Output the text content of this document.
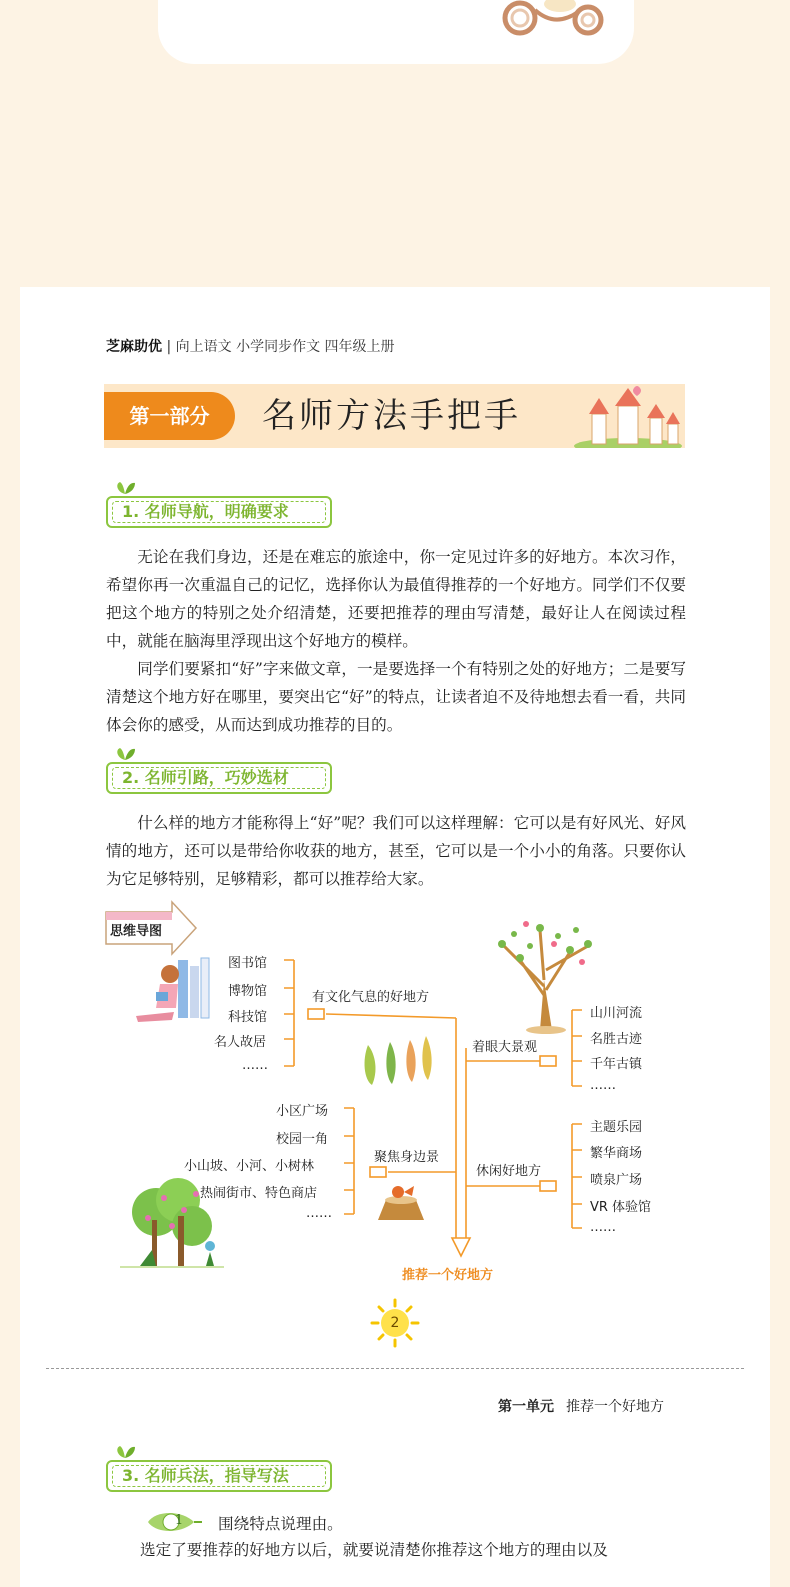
芝麻助优 | 向上语文 小学同步作文 四年级上册
第一部分	名师方法手把手
1. 名师导航，明确要求

无论在我们身边，还是在难忘的旅途中，你一定见过许多的好地方。本次习作，希望你再一次重温自己的记忆，选择你认为最值得推荐的一个好地方。同学们不仅要把这个地方的特别之处介绍清楚，还要把推荐的理由写清楚，最好让人在阅读过程中，就能在脑海里浮现出这个好地方的模样。

同学们要紧扣“好”字来做文章，一是要选择一个有特别之处的好地方；二是要写清楚这个地方好在哪里，要突出它“好”的特点，让读者迫不及待地想去看一看，共同体会你的感受，从而达到成功推荐的目的。

2. 名师引路，巧妙选材

什么样的地方才能称得上“好”呢？我们可以这样理解：它可以是有好风光、好风情的地方，还可以是带给你收获的地方，甚至，它可以是一个小小的角落。只要你认为它足够特别，足够精彩，都可以推荐给大家。

思维导图
图书馆
博物馆
科技馆
名人故居
……
有文化气息的好地方
着眼大景观
山川河流
名胜古迹
千年古镇
……
小区广场
校园一角
小山坡、小河、小树林
热闹街市、特色商店
……
聚焦身边景
休闲好地方
主题乐园
繁华商场
喷泉广场
VR 体验馆
……
推荐一个好地方
2
第一单元 推荐一个好地方
3. 名师兵法，指导写法
1	围绕特点说理由。
选定了要推荐的好地方以后，就要说清楚你推荐这个地方的理由以及
